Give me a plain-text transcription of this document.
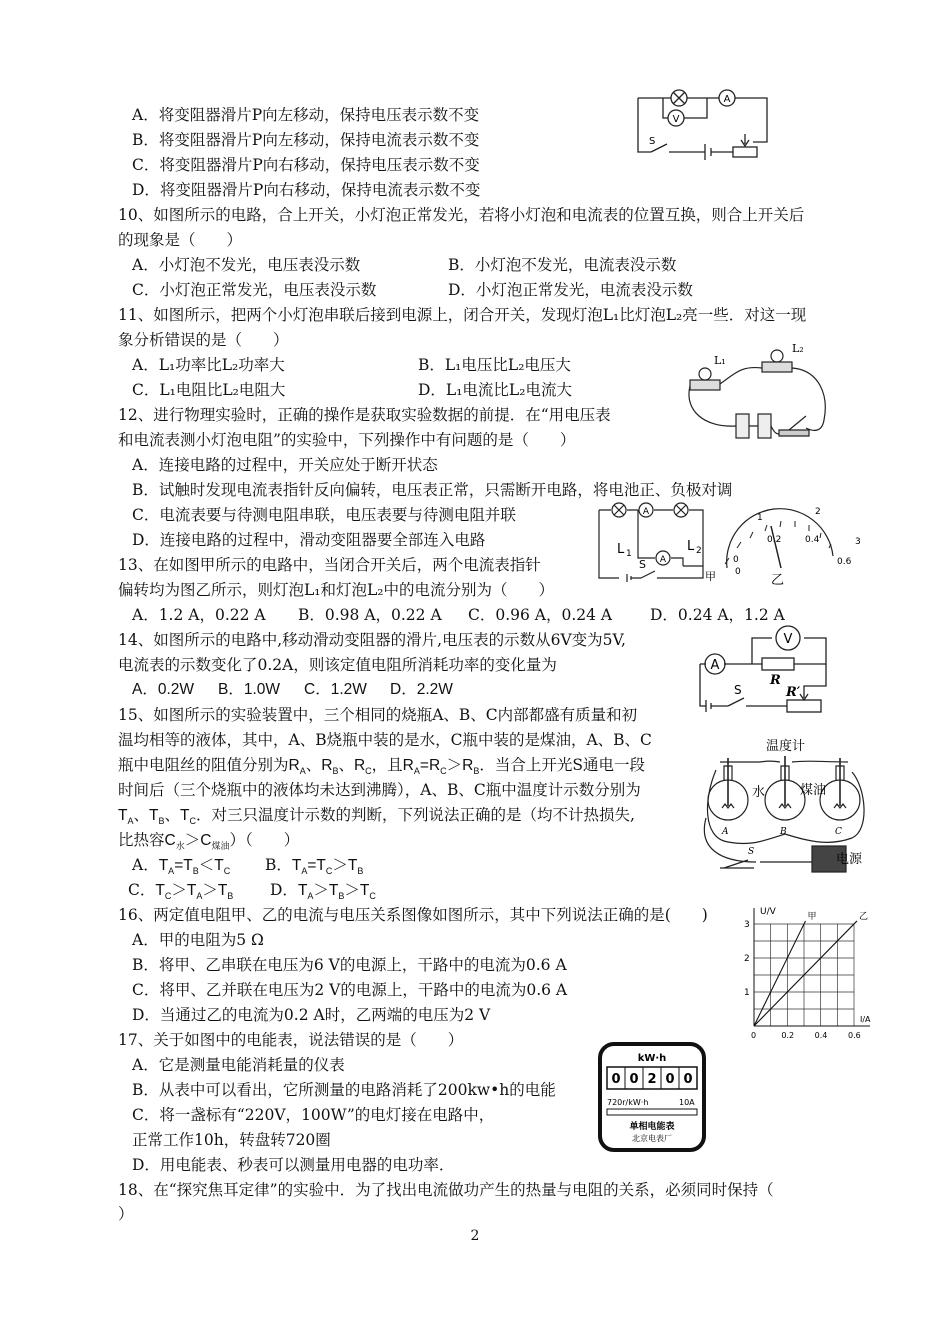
A．将变阻器滑片P向左移动，保持电压表示数不变
B．将变阻器滑片P向左移动，保持电流表示数不变
C．将变阻器滑片P向右移动，保持电压表示数不变
D．将变阻器滑片P向右移动，保持电流表示数不变
A
V
S
10、如图所示的电路，合上开关，小灯泡正常发光，若将小灯泡和电流表的位置互换，则合上开关后
的现象是（　　）
A．小灯泡不发光，电压表没示数	B．小灯泡不发光，电流表没示数
C．小灯泡正常发光，电压表没示数	D．小灯泡正常发光，电流表没示数
11、如图所示，把两个小灯泡串联后接到电源上，闭合开关，发现灯泡L₁比灯泡L₂亮一些．对这一现
象分析错误的是（　　）
A．L₁功率比L₂功率大	B．L₁电压比L₂电压大
C．L₁电阻比L₂电阻大	D．L₁电流比L₂电流大
L₁
L₂
12、进行物理实验时，正确的操作是获取实验数据的前提．在“用电压表
和电流表测小灯泡电阻”的实验中，下列操作中有问题的是（　　）
A．连接电路的过程中，开关应处于断开状态
B．试触时发现电流表指针反向偏转，电压表正常，只需断开电路，将电池正、负极对调
C．电流表要与待测电阻串联，电压表要与待测电阻并联
D．连接电路的过程中，滑动变阻器要全部连入电路
A
A
L 1	L 2
S
甲	乙
0
1
2
3
0
0.2	0.4
0.6
13、在如图甲所示的电路中，当闭合开关后，两个电流表指针
偏转均为图乙所示，则灯泡L₁和灯泡L₂中的电流分别为（　　）
A．1.2 A，0.22 A B．0.98 A，0.22 A C．0.96 A，0.24 A D．0.24 A，1.2 A
14、如图所示的电路中,移动滑动变阻器的滑片,电压表的示数从6V变为5V,
电流表的示数变化了0.2A，则该定值电阻所消耗功率的变化量为
A．0.2W B．1.0W C．1.2W D．2.2W
A
V
R
R′
S
15、如图所示的实验装置中，三个相同的烧瓶A、B、C内部都盛有质量和初
温均相等的液体，其中，A、B烧瓶中装的是水，C瓶中装的是煤油，A、B、C
瓶中电阻丝的阻值分别为$R_A$、$R_B$、$R_C$，且$R_A=R_C>R_B$．当合上开光S通电一段
时间后（三个烧瓶中的液体均未达到沸腾），A、B、C瓶中温度计示数分别为
$T_A$、$T_B$、$T_C$．对三只温度计示数的判断，下列说法正确的是（均不计热损失,
比热容$C_水>C_{煤油}$）（　　）
A．$T_A=T_B<T_C$ B．$T_A=T_C>T_B$
C．$T_C>T_A>T_B$ D．$T_A>T_B>T_C$
温度计
水	煤油
A	B	C
S	电源
16、两定值电阻甲、乙的电流与电压关系图像如图所示，其中下列说法正确的是(　　)
A．甲的电阻为5 Ω
B．将甲、乙串联在电压为6 V的电源上，干路中的电流为0.6 A
C．将甲、乙并联在电压为2 V的电源上，干路中的电流为0.6 A
D．当通过乙的电流为0.2 A时，乙两端的电压为2 V
U/V
I/A
0	0.2	0.4	0.6
1
2
3
甲	乙
17、关于如图中的电能表，说法错误的是（　　）
A．它是测量电能消耗量的仪表
B．从表中可以看出，它所测量的电路消耗了200kw•h的电能
C．将一盏标有“220V，100W”的电灯接在电路中，
正常工作10h，转盘转720圈
D．用电能表、秒表可以测量用电器的电功率．
kW·h
0 0 2 0 0
720r/kW·h	10A
单相电能表
北京电表厂
18、在“探究焦耳定律”的实验中．为了找出电流做功产生的热量与电阻的关系，必须同时保持（
）
2
